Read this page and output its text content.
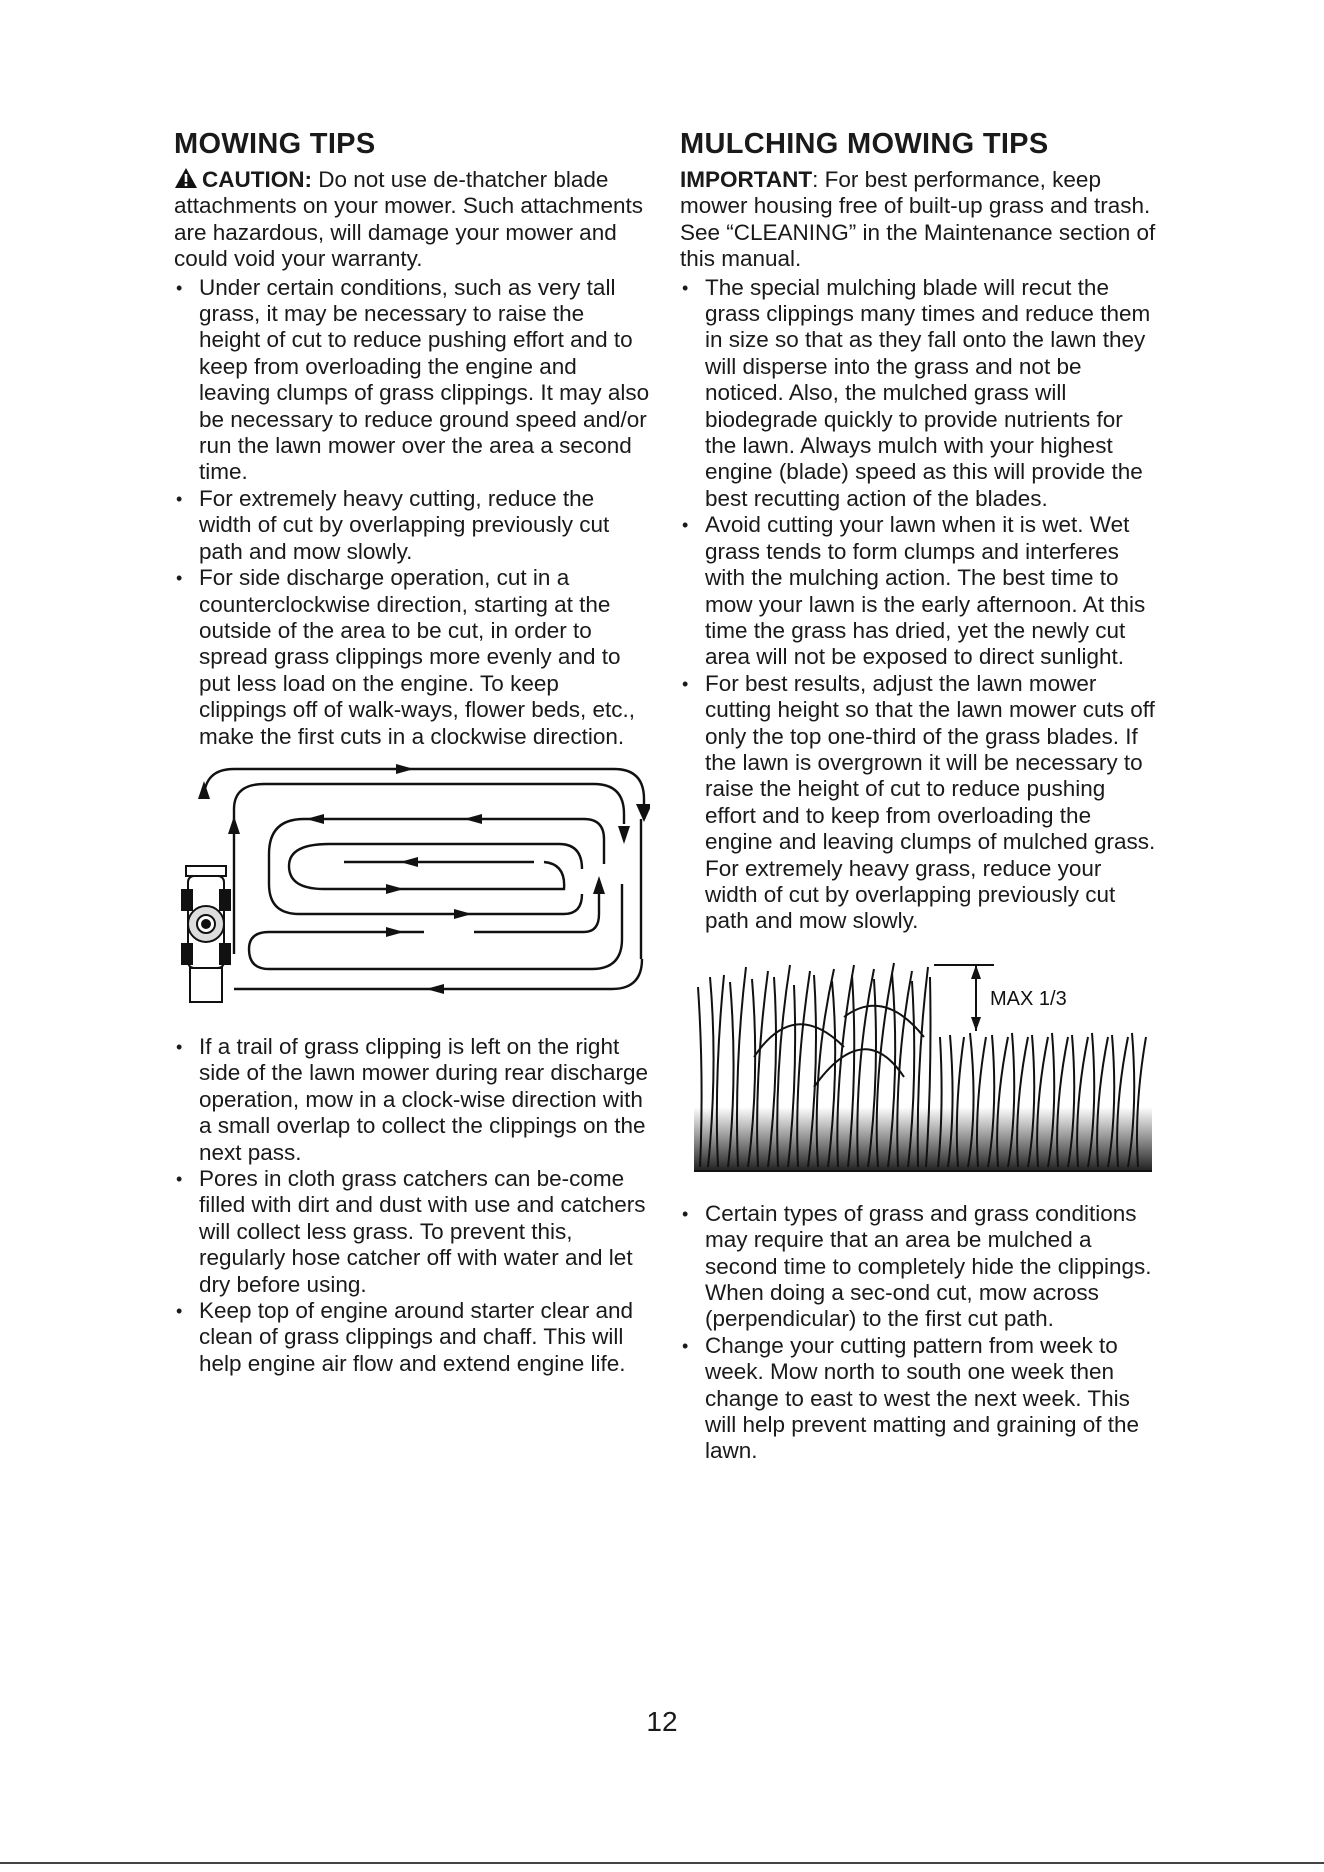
MOWING TIPS

CAUTION: Do not use de-thatcher blade attachments on your mower. Such attachments are hazardous, will damage your mower and could void your warranty.

• Under certain conditions, such as very tall grass, it may be necessary to raise the height of cut to reduce pushing effort and to keep from overloading the engine and leaving clumps of grass clippings. It may also be necessary to reduce ground speed and/or run the lawn mower over the area a second time.
• For extremely heavy cutting, reduce the width of cut by overlapping previously cut path and mow slowly.
• For side discharge operation, cut in a counterclockwise direction, starting at the outside of the area to be cut, in order to spread grass clippings more evenly and to put less load on the engine. To keep clippings off of walk-ways, flower beds, etc., make the first cuts in a clockwise direction.
• If a trail of grass clipping is left on the right side of the lawn mower during rear discharge operation, mow in a clock-wise direction with a small overlap to collect the clippings on the next pass.
• Pores in cloth grass catchers can be-come filled with dirt and dust with use and catchers will collect less grass. To prevent this, regularly hose catcher off with water and let dry before using.
• Keep top of engine around starter clear and clean of grass clippings and chaff. This will help engine air flow and extend engine life.
MULCHING MOWING TIPS

IMPORTANT: For best performance, keep mower housing free of built-up grass and trash. See “CLEANING” in the Maintenance section of this manual.

• The special mulching blade will recut the grass clippings many times and reduce them in size so that as they fall onto the lawn they will disperse into the grass and not be noticed. Also, the mulched grass will biodegrade quickly to provide nutrients for the lawn. Always mulch with your highest engine (blade) speed as this will provide the best recutting action of the blades.
• Avoid cutting your lawn when it is wet. Wet grass tends to form clumps and interferes with the mulching action. The best time to mow your lawn is the early afternoon. At this time the grass has dried, yet the newly cut area will not be exposed to direct sunlight.
• For best results, adjust the lawn mower cutting height so that the lawn mower cuts off only the top one-third of the grass blades. If the lawn is overgrown it will be necessary to raise the height of cut to reduce pushing effort and to keep from overloading the engine and leaving clumps of mulched grass. For extremely heavy grass, reduce your width of cut by overlapping previously cut path and mow slowly.
MAX 1/3
• Certain types of grass and grass conditions may require that an area be mulched a second time to completely hide the clippings. When doing a sec-ond cut, mow across (perpendicular) to the first cut path.
• Change your cutting pattern from week to week. Mow north to south one week then change to east to west the next week. This will help prevent matting and graining of the lawn.
12
